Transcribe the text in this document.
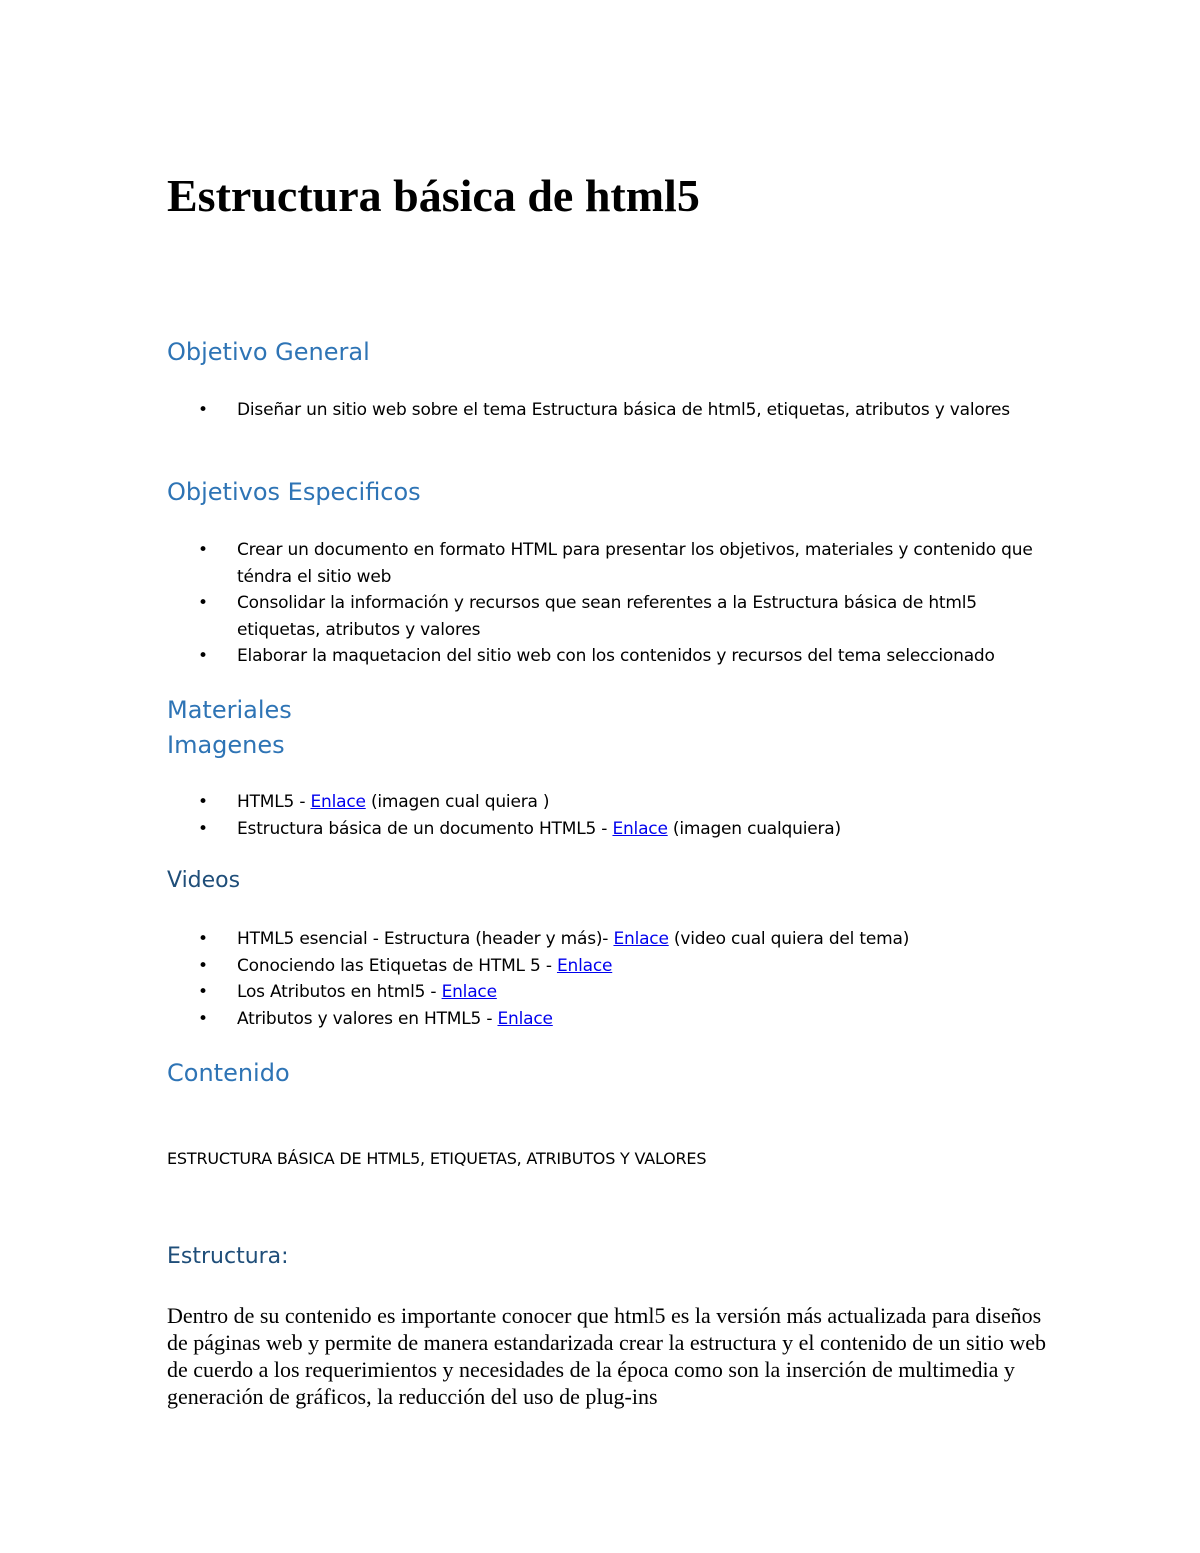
Estructura básica de html5
Objetivo General
• Diseñar un sitio web sobre el tema Estructura básica de html5, etiquetas, atributos y valores
Objetivos Especificos
• Crear un documento en formato HTML para presentar los objetivos, materiales y contenido que téndra el sitio web
• Consolidar la información y recursos que sean referentes a la Estructura básica de html5 etiquetas, atributos y valores
• Elaborar la maquetacion del sitio web con los contenidos y recursos del tema seleccionado
Materiales
Imagenes
• HTML5 - Enlace (imagen cual quiera )
• Estructura básica de un documento HTML5 - Enlace (imagen cualquiera)
Videos
• HTML5 esencial - Estructura (header y más)- Enlace (video cual quiera del tema)
• Conociendo las Etiquetas de HTML 5 - Enlace
• Los Atributos en html5 - Enlace
• Atributos y valores en HTML5 - Enlace
Contenido
ESTRUCTURA BÁSICA DE HTML5, ETIQUETAS, ATRIBUTOS Y VALORES
Estructura:
Dentro de su contenido es importante conocer que html5 es la versión más actualizada para diseños de páginas web y permite de manera estandarizada crear la estructura y el contenido de un sitio web de cuerdo a los requerimientos y necesidades de la época como son la inserción de multimedia y generación de gráficos, la reducción del uso de plug-ins
